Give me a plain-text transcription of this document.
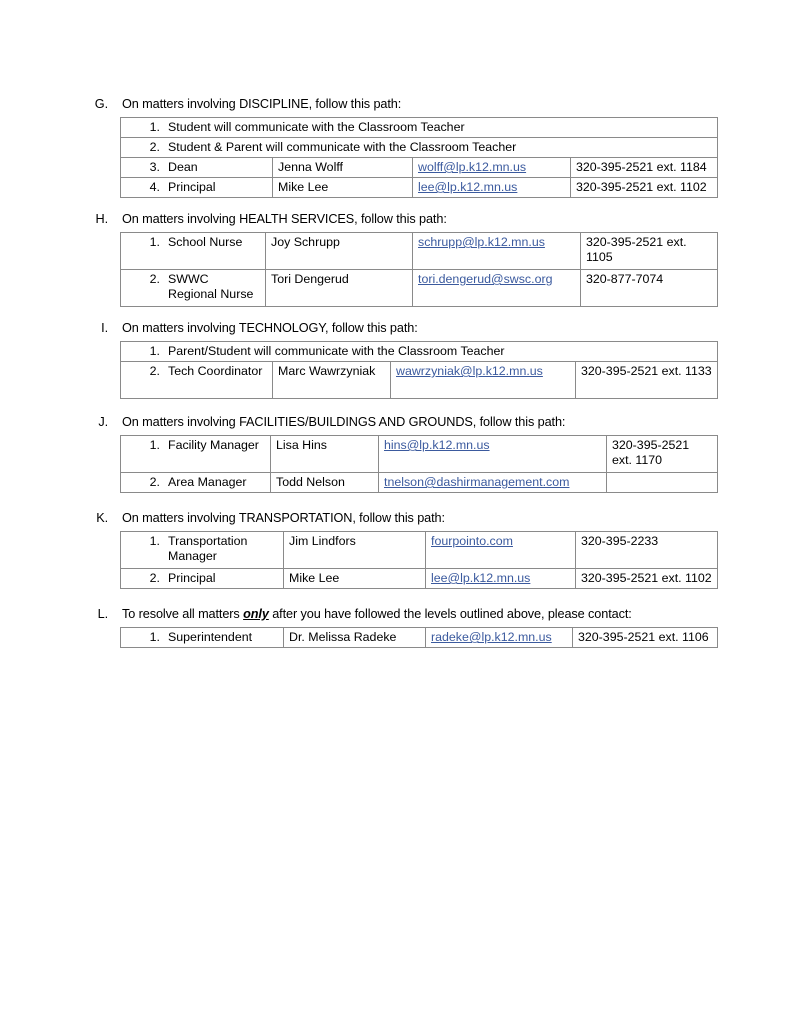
G. On matters involving DISCIPLINE, follow this path:

1. Student will communicate with the Classroom Teacher			

2. Student & Parent will communicate with the Classroom Teacher			

3. Dean	Jenna Wolff	wolff@lp.k12.mn.us	320-395-2521 ext. 1184

4. Principal	Mike Lee	lee@lp.k12.mn.us	320-395-2521 ext. 1102

H. On matters involving HEALTH SERVICES, follow this path:

1. School Nurse	Joy Schrupp	schrupp@lp.k12.mn.us	320-395-2521 ext. 1105

2. SWWC Regional Nurse	Tori Dengerud	tori.dengerud@swsc.org	320-877-7074

I. On matters involving TECHNOLOGY, follow this path:

1. Parent/Student will communicate with the Classroom Teacher

2. Tech Coordinator	Marc Wawrzyniak	wawrzyniak@lp.k12.mn.us	320-395-2521 ext. 1133

J. On matters involving FACILITIES/BUILDINGS AND GROUNDS, follow this path:

1. Facility Manager	Lisa Hins	hins@lp.k12.mn.us	320-395-2521 ext. 1170

2. Area Manager	Todd Nelson	tnelson@dashirmanagement.com	

K. On matters involving TRANSPORTATION, follow this path:

1. Transportation Manager	Jim Lindfors	fourpointo.com	320-395-2233

2. Principal	Mike Lee	lee@lp.k12.mn.us	320-395-2521 ext. 1102

L. To resolve all matters only after you have followed the levels outlined above, please contact:

1. Superintendent	Dr. Melissa Radeke	radeke@lp.k12.mn.us	320-395-2521 ext. 1106
